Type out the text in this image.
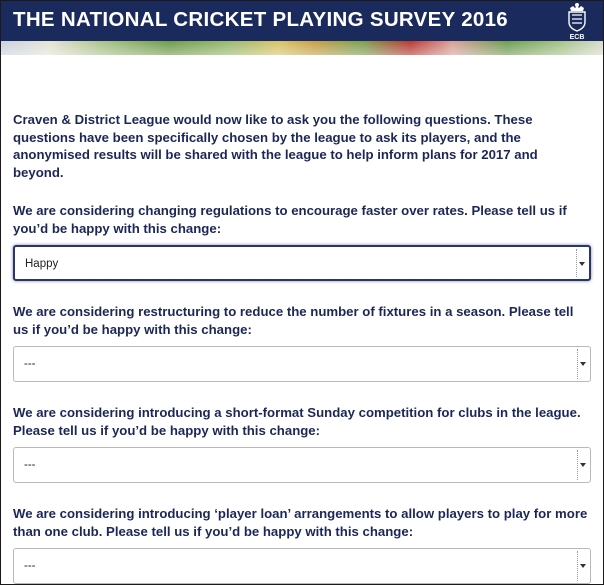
THE NATIONAL CRICKET PLAYING SURVEY 2016
ECB

Craven & District League would now like to ask you the following questions. These questions have been specifically chosen by the league to ask its players, and the anonymised results will be shared with the league to help inform plans for 2017 and beyond.

We are considering changing regulations to encourage faster over rates. Please tell us if you’d be happy with this change:

Happy

We are considering restructuring to reduce the number of fixtures in a season. Please tell us if you’d be happy with this change:

---

We are considering introducing a short-format Sunday competition for clubs in the league. Please tell us if you’d be happy with this change:

---

We are considering introducing ‘player loan’ arrangements to allow players to play for more than one club. Please tell us if you’d be happy with this change:

---
